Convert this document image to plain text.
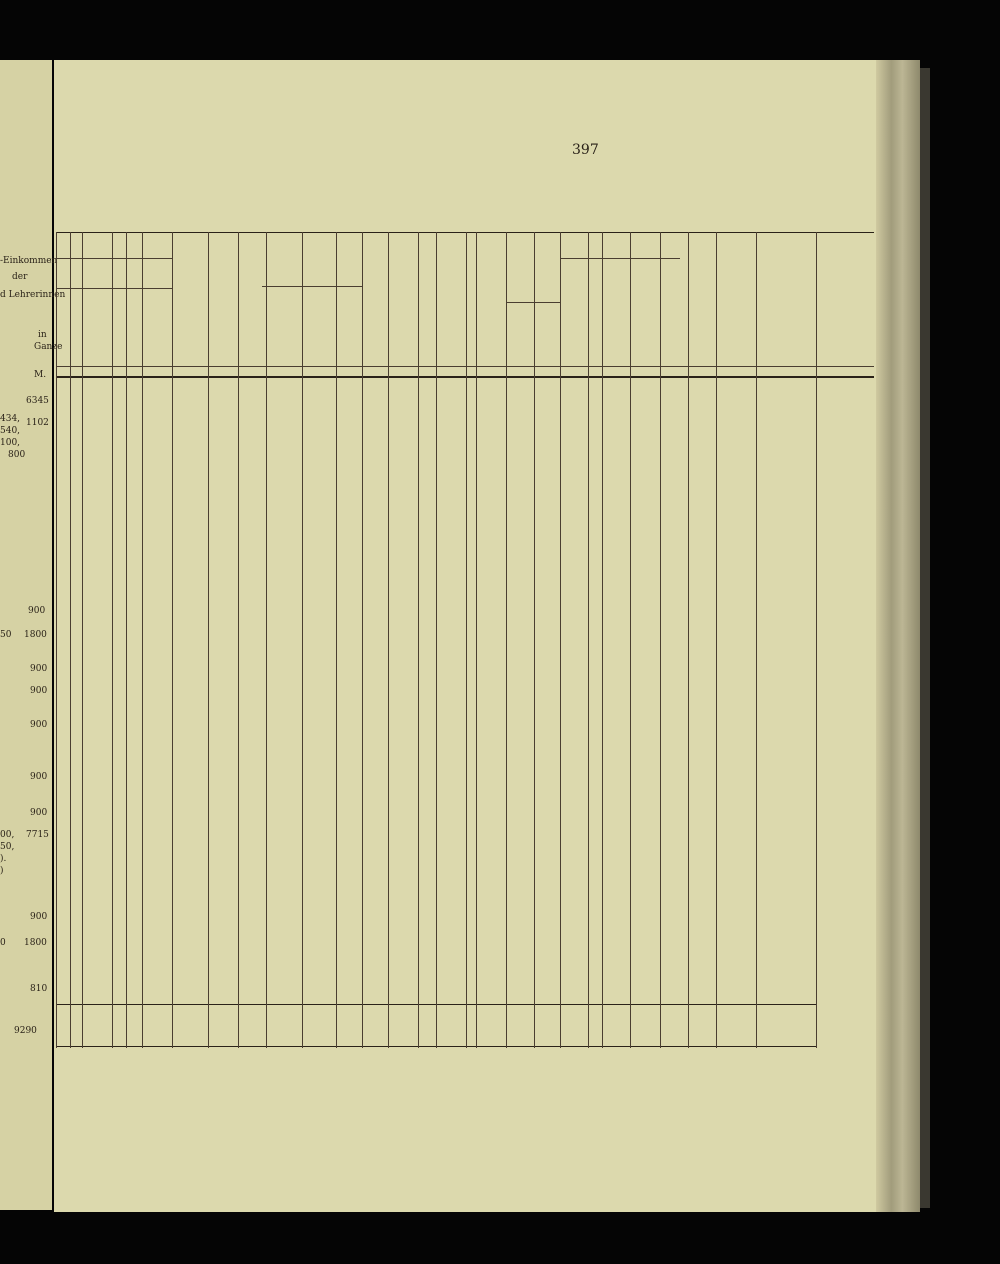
397
-Einkommen
der
d Lehrerinnen
in
Ganze
M.
6345
434,
540,
100,
800
1102
900
50 1800
900
900
900
900
900
7715
00,
50,
).
)
900
0 1800
810
9290
